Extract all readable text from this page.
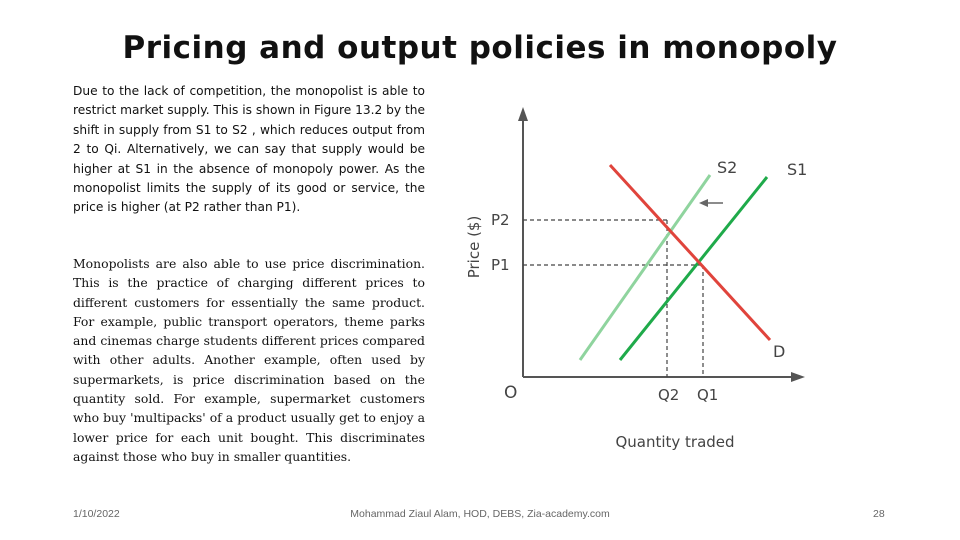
Pricing and output policies in monopoly
Due to the lack of competition, the monopolist is able to restrict market supply. This is shown in Figure 13.2 by the shift in supply from S1 to S2 , which reduces output from 2 to Qi. Alternatively, we can say that supply would be higher at S1 in the absence of monopoly power. As the monopolist limits the supply of its good or service, the price is higher (at P2 rather than P1).
Monopolists are also able to use price discrimination. This is the practice of charging different prices to different customers for essentially the same product. For example, public transport operators, theme parks and cinemas charge students different prices compared with other adults. Another example, often used by supermarkets, is price discrimination based on the quantity sold. For example, supermarket customers who buy 'multipacks' of a product usually get to enjoy a lower price for each unit bought. This discriminates against those who buy in smaller quantities.
Price ($)
Quantity traded
O
P2
P1
Q2 Q1
S2	S1
D
1/10/2022	Mohammad Ziaul Alam, HOD, DEBS, Zia-academy.com	28
